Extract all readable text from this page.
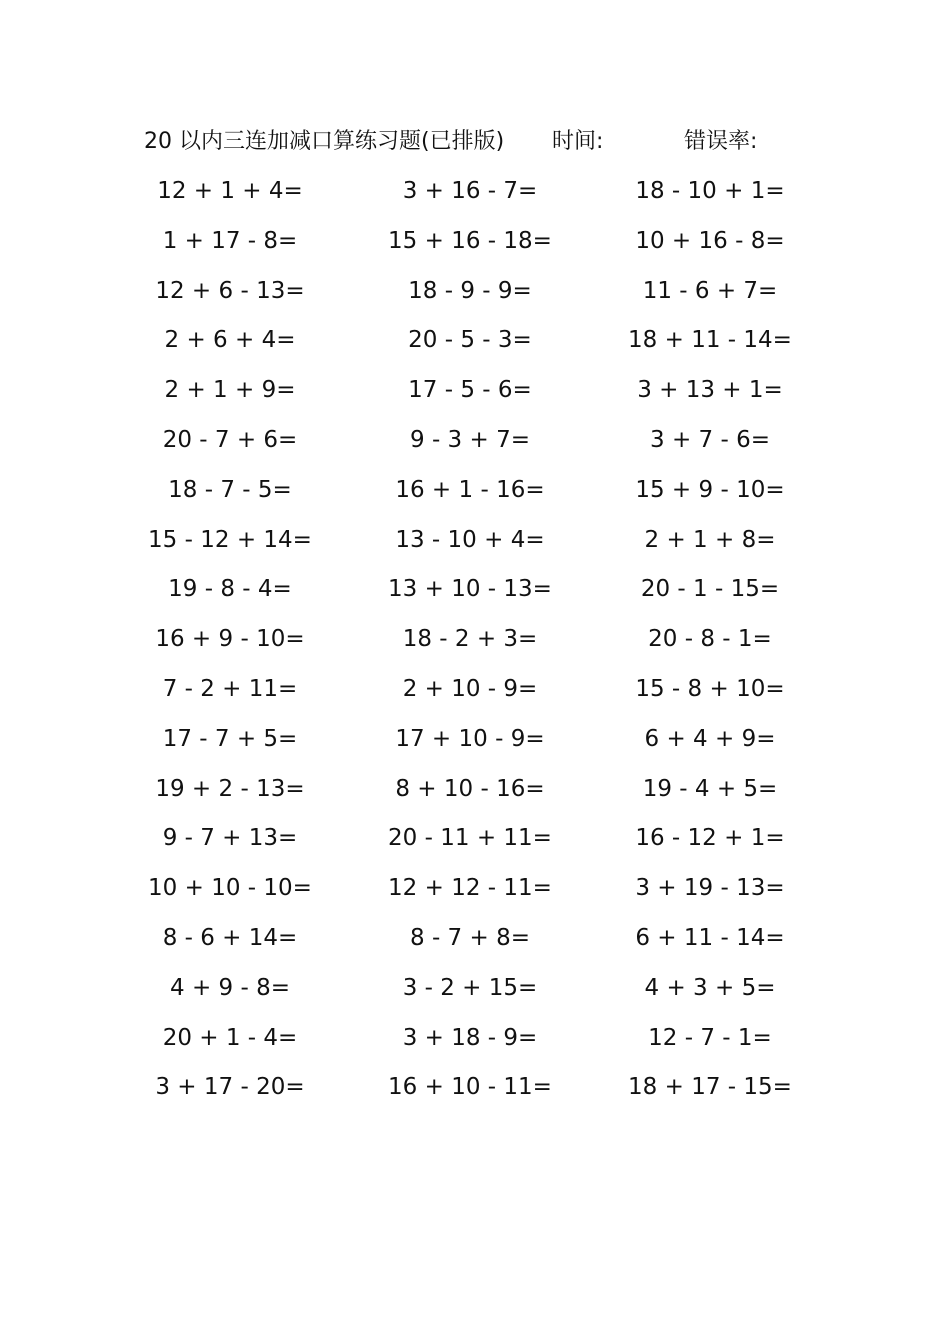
20 以内三连加减口算练习题(已排版) 时间:	错误率:
12 + 1 + 4=	3 + 16 - 7=	18 - 10 + 1=
1 + 17 - 8=	15 + 16 - 18=	10 + 16 - 8=
12 + 6 - 13=	18 - 9 - 9=	11 - 6 + 7=
2 + 6 + 4=	20 - 5 - 3=	18 + 11 - 14=
2 + 1 + 9=	17 - 5 - 6=	3 + 13 + 1=
20 - 7 + 6=	9 - 3 + 7=	3 + 7 - 6=
18 - 7 - 5=	16 + 1 - 16=	15 + 9 - 10=
15 - 12 + 14=	13 - 10 + 4=	2 + 1 + 8=
19 - 8 - 4=	13 + 10 - 13=	20 - 1 - 15=
16 + 9 - 10=	18 - 2 + 3=	20 - 8 - 1=
7 - 2 + 11=	2 + 10 - 9=	15 - 8 + 10=
17 - 7 + 5=	17 + 10 - 9=	6 + 4 + 9=
19 + 2 - 13=	8 + 10 - 16=	19 - 4 + 5=
9 - 7 + 13=	20 - 11 + 11=	16 - 12 + 1=
10 + 10 - 10=	12 + 12 - 11=	3 + 19 - 13=
8 - 6 + 14=	8 - 7 + 8=	6 + 11 - 14=
4 + 9 - 8=	3 - 2 + 15=	4 + 3 + 5=
20 + 1 - 4=	3 + 18 - 9=	12 - 7 - 1=
3 + 17 - 20=	16 + 10 - 11=	18 + 17 - 15=
